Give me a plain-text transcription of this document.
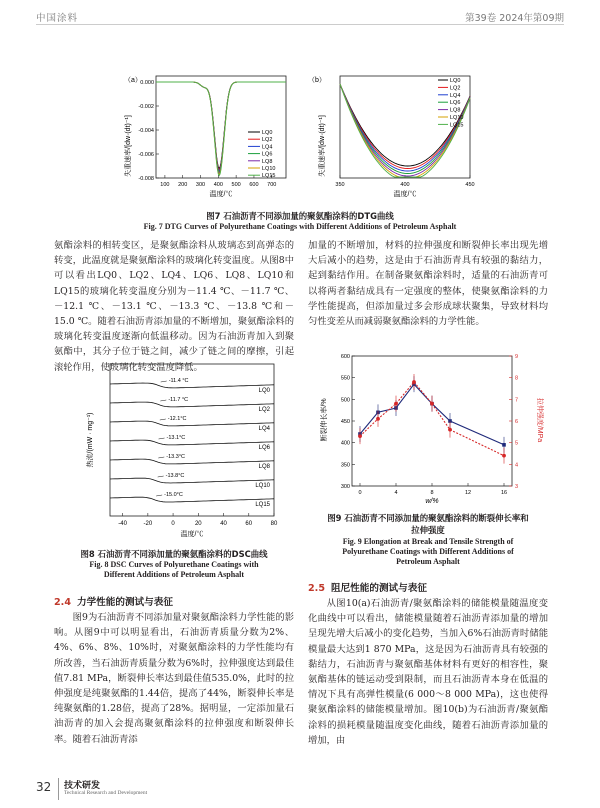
中国涂料	第39卷 2024年第09期
（a）
失重速率/[dw·(dt)⁻¹]
0.000
-0.002
-0.004
-0.006
-0.008
100 200 300 400 500 600 700
LQ0
LQ2
LQ4
LQ6
LQ8
LQ10
LQ15
温度/℃
（b）
失重速率/[dw·(dt)⁻¹]
350	400	450
LQ0
LQ2
LQ4
LQ6
LQ8
LQ10
LQ15
温度/℃
图7 石油沥青不同添加量的聚氨酯涂料的DTG曲线
Fig. 7 DTG Curves of Polyurethane Coatings with Different Additions of Petroleum Asphalt

氨酯涂料的相转变区，是聚氨酯涂料从玻璃态到高弹态的转变，此温度就是聚氨酯涂料的玻璃化转变温度。从图8中可以看出LQ0、LQ2、LQ4、LQ6、LQ8、LQ10和LQ15的玻璃化转变温度分别为－11.4 ℃、－11.7 ℃、－12.1 ℃、－13.1 ℃、－13.3 ℃、－13.8 ℃和－15.0 ℃。随着石油沥青添加量的不断增加，聚氨酯涂料的玻璃化转变温度逐渐向低温移动。因为石油沥青加入到聚氨酯中，其分子位于链之间，减少了链之间的摩擦，引起滚轮作用，使玻璃化转变温度降低。

加量的不断增加，材料的拉伸强度和断裂伸长率出现先增大后减小的趋势，这是由于石油沥青具有较强的黏结力，起到黏结作用。在制备聚氨酯涂料时，适量的石油沥青可以将两者黏结成具有一定强度的整体，使聚氨酯涂料的力学性能提高，但添加量过多会形成球状聚集，导致材料均匀性变差从而减弱聚氨酯涂料的力学性能。

热流/(mW · mg⁻¹)
-40	-20	0	20	40	60	80
-11.4 °C
LQ0
-11.7 °C
LQ2
-12.1°C
LQ4
-13.1°C
LQ6
-13.3°C
LQ8
-13.8°C
LQ10
-15.0°C
LQ15
温度/℃
图8 石油沥青不同添加量的聚氨酯涂料的DSC曲线
Fig. 8 DSC Curves of Polyurethane Coatings with
Different Additions of Petroleum Asphalt
断裂伸长率/%	拉伸强度/MPa
300
350
400
450
500
550
600
3
4
5
6
7
8
9
0	4	8	12	16
w/%
图9 石油沥青不同添加量的聚氨酯涂料的断裂伸长率和
拉伸强度
Fig. 9 Elongation at Break and Tensile Strength of
Polyurethane Coatings with Different Additions of
Petroleum Asphalt
2.4 力学性能的测试与表征

图9为石油沥青不同添加量对聚氨酯涂料力学性能的影响。从图9中可以明显看出，石油沥青质量分数为2%、4%、6%、8%、10%时，对聚氨酯涂料的力学性能均有所改善，当石油沥青质量分数为6%时，拉伸强度达到最佳值7.81 MPa，断裂伸长率达到最佳值535.0%，此时的拉伸强度是纯聚氨酯的1.44倍，提高了44%，断裂伸长率是纯聚氨酯的1.28倍，提高了28%。据明显，一定添加量石油沥青的加入会提高聚氨酯涂料的拉伸强度和断裂伸长率。随着石油沥青添

2.5 阻尼性能的测试与表征

从图10(a)石油沥青/聚氨酯涂料的储能模量随温度变化曲线中可以看出，储能模量随着石油沥青添加量的增加呈现先增大后减小的变化趋势，当加入6%石油沥青时储能模量最大达到1 870 MPa，这是因为石油沥青具有较强的黏结力，石油沥青与聚氨酯基体材料有更好的相容性，聚氨酯基体的链运动受到限制，而且石油沥青本身在低温的情况下具有高弹性模量(6 000～8 000 MPa)，这也使得聚氨酯涂料的储能模量增加。图10(b)为石油沥青/聚氨酯涂料的损耗模量随温度变化曲线，随着石油沥青添加量的增加，由

32 技术研发
Technical Research and Development
